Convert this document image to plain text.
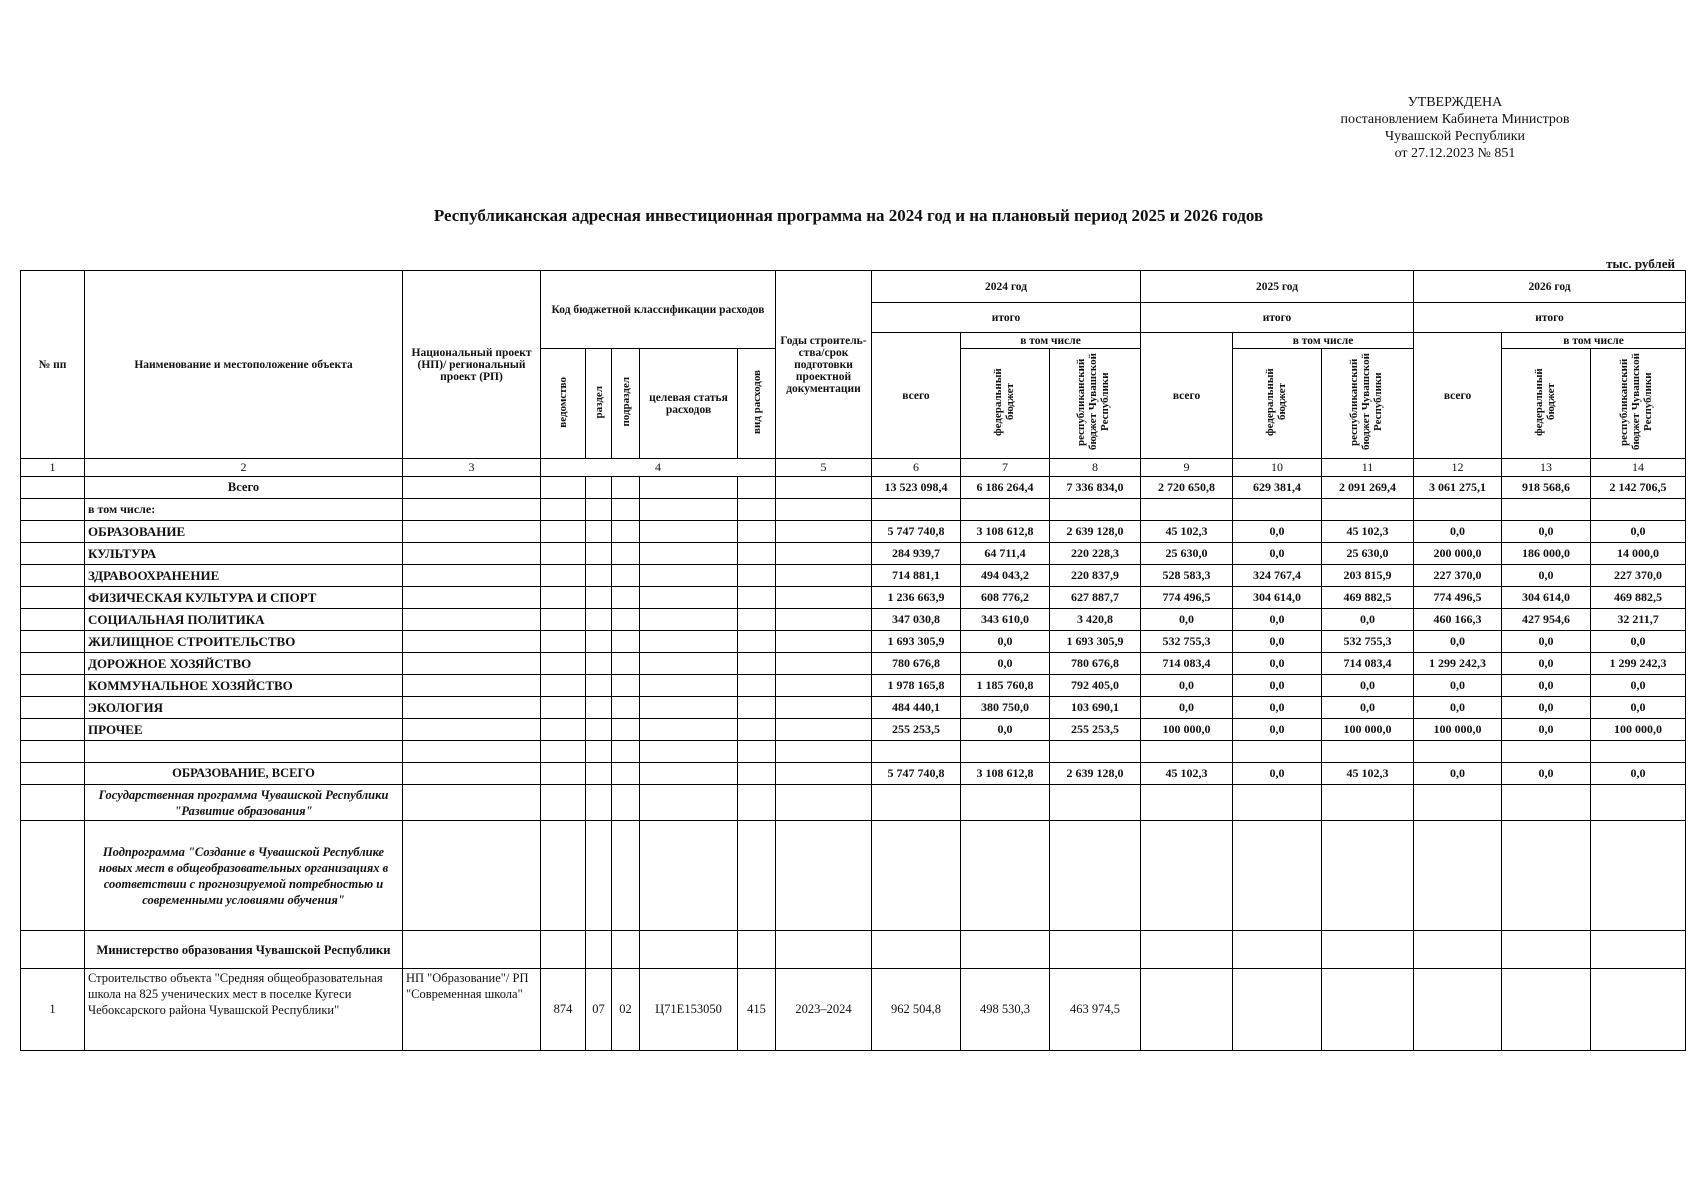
УТВЕРЖДЕНА
постановлением Кабинета Министров
Чувашской Республики
от 27.12.2023 № 851
Республиканская адресная инвестиционная программа на 2024 год и на плановый период 2025 и 2026 годов
тыс. рублей
№ пп	Наименование и местоположение объекта	Национальный проект (НП)/ региональный проект (РП)	Код бюджетной классификации расходов					Годы строитель-ства/срок подготовки проектной документации	2024 год			2025 год			2026 год		
									итого			итого			итого		
									всего	в том числе		всего	в том числе		всего	в том числе	
			ведомство	раздел	подраздел	целевая статья расходов	вид расходов			федеральный бюджет	республиканский бюджет Чувашской Республики		федеральный бюджет	республиканский бюджет Чувашской Республики		федеральный бюджет	республиканский бюджет Чувашской Республики

1	2	3	4					5	6	7	8	9	10	11	12	13	14
	Всего								13 523 098,4	6 186 264,4	7 336 834,0	2 720 650,8	629 381,4	2 091 269,4	3 061 275,1	918 568,6	2 142 706,5
	в том числе:																
	ОБРАЗОВАНИЕ								5 747 740,8	3 108 612,8	2 639 128,0	45 102,3	0,0	45 102,3	0,0	0,0	0,0
	КУЛЬТУРА								284 939,7	64 711,4	220 228,3	25 630,0	0,0	25 630,0	200 000,0	186 000,0	14 000,0
	ЗДРАВООХРАНЕНИЕ								714 881,1	494 043,2	220 837,9	528 583,3	324 767,4	203 815,9	227 370,0	0,0	227 370,0
	ФИЗИЧЕСКАЯ КУЛЬТУРА И СПОРТ								1 236 663,9	608 776,2	627 887,7	774 496,5	304 614,0	469 882,5	774 496,5	304 614,0	469 882,5
	СОЦИАЛЬНАЯ ПОЛИТИКА								347 030,8	343 610,0	3 420,8	0,0	0,0	0,0	460 166,3	427 954,6	32 211,7
	ЖИЛИЩНОЕ СТРОИТЕЛЬСТВО								1 693 305,9	0,0	1 693 305,9	532 755,3	0,0	532 755,3	0,0	0,0	0,0
	ДОРОЖНОЕ ХОЗЯЙСТВО								780 676,8	0,0	780 676,8	714 083,4	0,0	714 083,4	1 299 242,3	0,0	1 299 242,3
	КОММУНАЛЬНОЕ ХОЗЯЙСТВО								1 978 165,8	1 185 760,8	792 405,0	0,0	0,0	0,0	0,0	0,0	0,0
	ЭКОЛОГИЯ								484 440,1	380 750,0	103 690,1	0,0	0,0	0,0	0,0	0,0	0,0
	ПРОЧЕЕ								255 253,5	0,0	255 253,5	100 000,0	0,0	100 000,0	100 000,0	0,0	100 000,0

	ОБРАЗОВАНИЕ, ВСЕГО								5 747 740,8	3 108 612,8	2 639 128,0	45 102,3	0,0	45 102,3	0,0	0,0	0,0
	Государственная программа Чувашской Республики "Развитие образования"																
	Подпрограмма "Создание в Чувашской Республике новых мест в общеобразовательных организациях в соответствии с прогнозируемой потребностью и современными условиями обучения"																
	Министерство образования Чувашской Республики																
1	Строительство объекта "Средняя общеобразовательная школа на 825 ученических мест в поселке Кугеси Чебоксарского района Чувашской Республики"	НП "Образование"/ РП "Современная школа"	874	07	02	Ц71Е153050	415	2023–2024	962 504,8	498 530,3	463 974,5						
